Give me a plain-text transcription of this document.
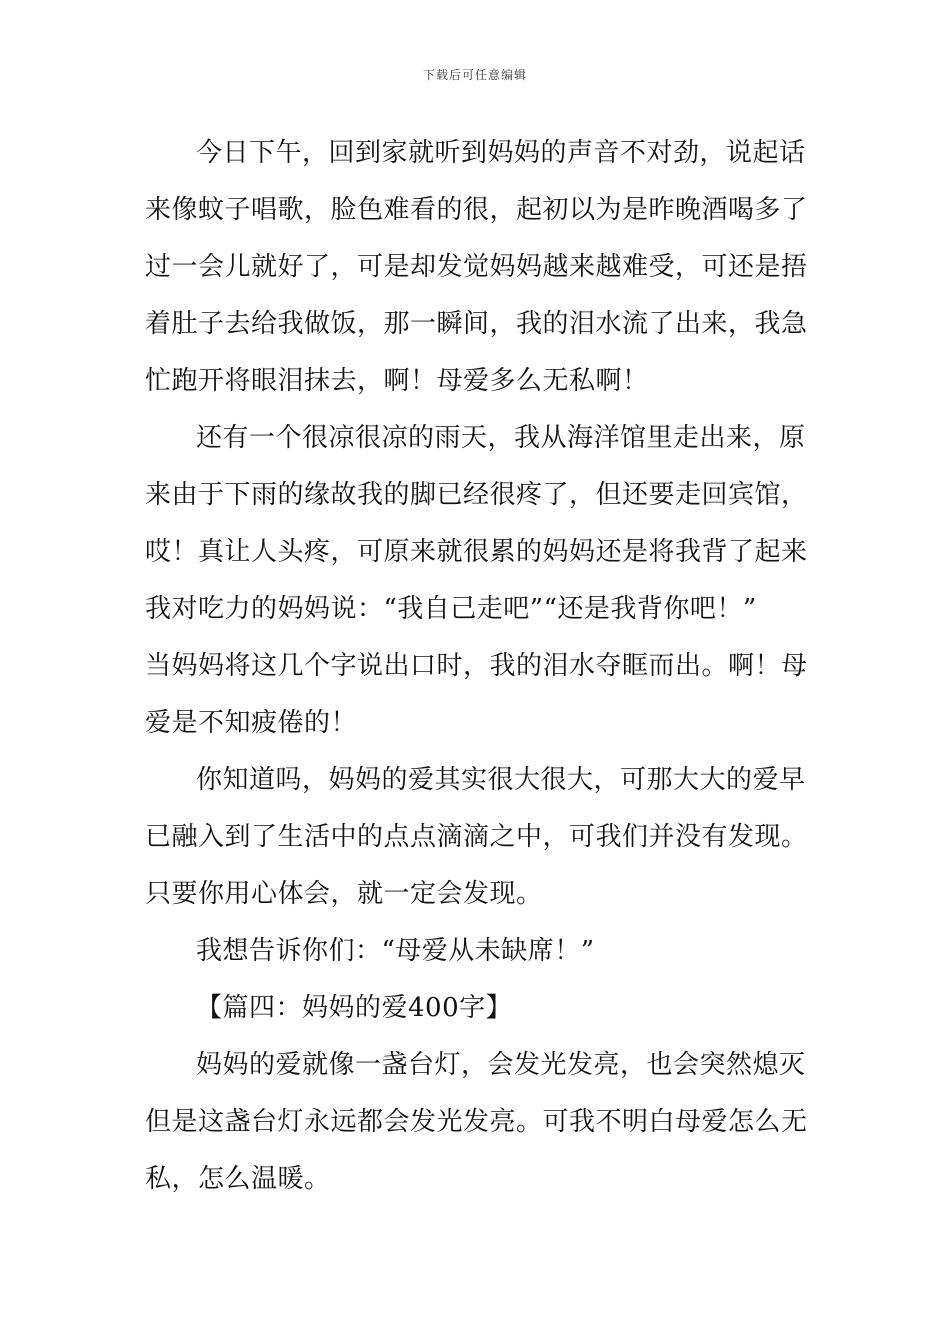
下载后可任意编辑
今日下午，回到家就听到妈妈的声音不对劲，说起话
来像蚊子唱歌，脸色难看的很，起初以为是昨晚酒喝多了
过一会儿就好了，可是却发觉妈妈越来越难受，可还是捂
着肚子去给我做饭，那一瞬间，我的泪水流了出来，我急
忙跑开将眼泪抹去，啊！母爱多么无私啊！
还有一个很凉很凉的雨天，我从海洋馆里走出来，原
来由于下雨的缘故我的脚已经很疼了，但还要走回宾馆，
哎！真让人头疼，可原来就很累的妈妈还是将我背了起来
我对吃力的妈妈说：“我自己走吧”“还是我背你吧！”
当妈妈将这几个字说出口时，我的泪水夺眶而出。啊！母
爱是不知疲倦的！
你知道吗，妈妈的爱其实很大很大，可那大大的爱早
已融入到了生活中的点点滴滴之中，可我们并没有发现。
只要你用心体会，就一定会发现。
我想告诉你们：“母爱从未缺席！”
【篇四：妈妈的爱400字】
妈妈的爱就像一盏台灯，会发光发亮，也会突然熄灭
但是这盏台灯永远都会发光发亮。可我不明白母爱怎么无
私，怎么温暖。
